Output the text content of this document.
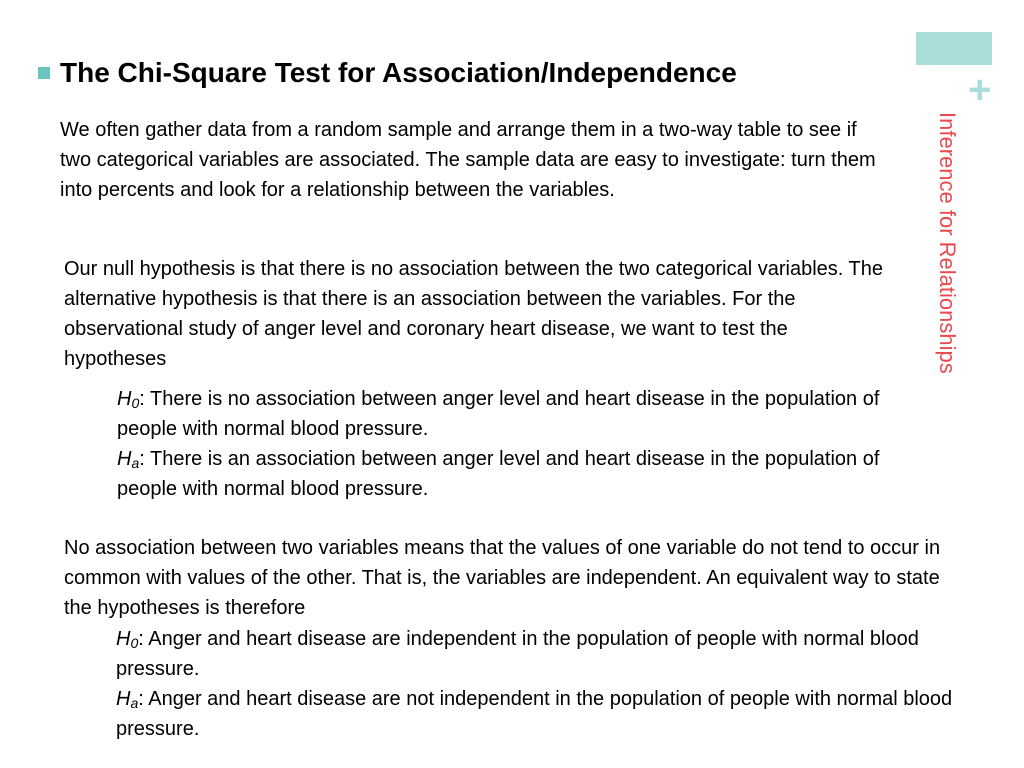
+
Inference for Relationships
The Chi-Square Test for Association/Independence
We often gather data from a random sample and arrange them in a two-way table to see if two categorical variables are associated. The sample data are easy to investigate: turn them into percents and look for a relationship between the variables.
Our null hypothesis is that there is no association between the two categorical variables. The alternative hypothesis is that there is an association between the variables. For the observational study of anger level and coronary heart disease, we want to test the hypotheses
$H_0$: There is no association between anger level and heart disease in the population of people with normal blood pressure.
$H_a$: There is an association between anger level and heart disease in the population of people with normal blood pressure.
No association between two variables means that the values of one variable do not tend to occur in common with values of the other. That is, the variables are independent. An equivalent way to state the hypotheses is therefore
$H_0$: Anger and heart disease are independent in the population of people with normal blood pressure.
$H_a$: Anger and heart disease are not independent in the population of people with normal blood pressure.
